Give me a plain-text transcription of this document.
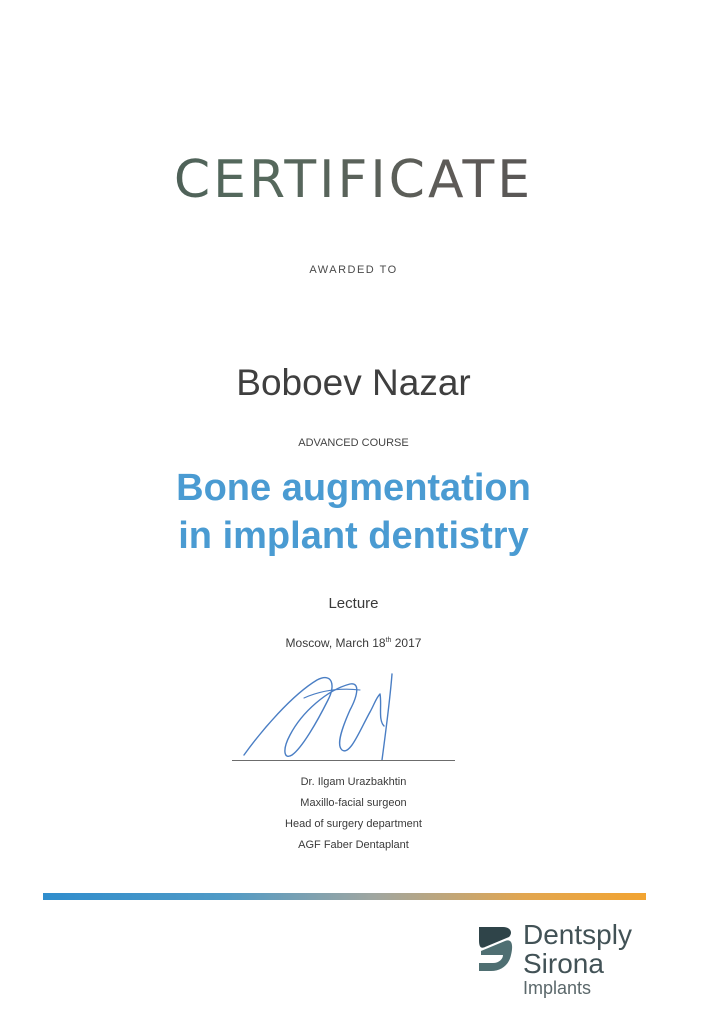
CERTIFICATE
AWARDED TO
Boboev Nazar
ADVANCED COURSE
Bone augmentation
in implant dentistry
Lecture
Moscow, March 18th 2017
Dr. Ilgam Urazbakhtin
Maxillo-facial surgeon
Head of surgery department
AGF Faber Dentaplant
Dentsply
Sirona
Implants
